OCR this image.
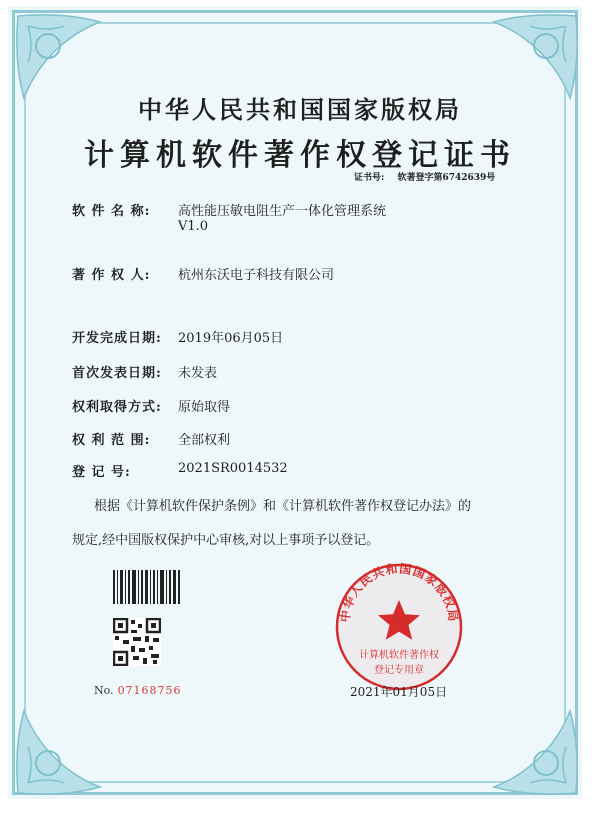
中华人民共和国国家版权局
计算机软件著作权登记证书
证书号: 软著登字第6742639号
软 件 名 称: 高性能压敏电阻生产一体化管理系统
V1.0
著 作 权 人: 杭州东沃电子科技有限公司
开发完成日期: 2019年06月05日
首次发表日期: 未发表
权利取得方式: 原始取得
权 利 范 围: 全部权利
登 记 号:	2021SR0014532
根据《计算机软件保护条例》和《计算机软件著作权登记办法》的
规定,经中国版权保护中心审核,对以上事项予以登记。
No. 07168756
中华人民共和国国家版权局
计算机软件著作权
登记专用章
2021年01月05日
